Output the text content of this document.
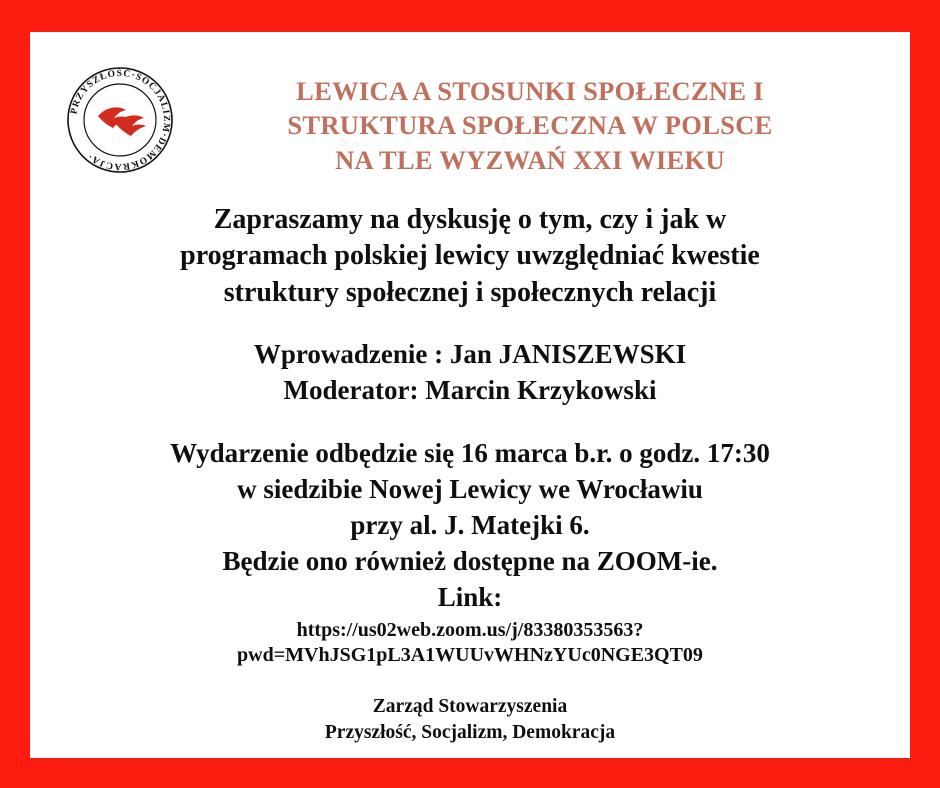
PRZYSZŁOŚĆ·SOCJALIZM·DEMOKRACJA·
LEWICA A STOSUNKI SPOŁECZNE I
STRUKTURA SPOŁECZNA W POLSCE
NA TLE WYZWAŃ XXI WIEKU
Zapraszamy na dyskusję o tym, czy i jak w
programach polskiej lewicy uwzględniać kwestie
struktury społecznej i społecznych relacji
Wprowadzenie : Jan JANISZEWSKI
Moderator: Marcin Krzykowski
Wydarzenie odbędzie się 16 marca b.r. o godz. 17:30
w siedzibie Nowej Lewicy we Wrocławiu
przy al. J. Matejki 6.
Będzie ono również dostępne na ZOOM-ie.
Link:
https://us02web.zoom.us/j/83380353563?
pwd=MVhJSG1pL3A1WUUvWHNzYUc0NGE3QT09
Zarząd Stowarzyszenia
Przyszłość, Socjalizm, Demokracja
